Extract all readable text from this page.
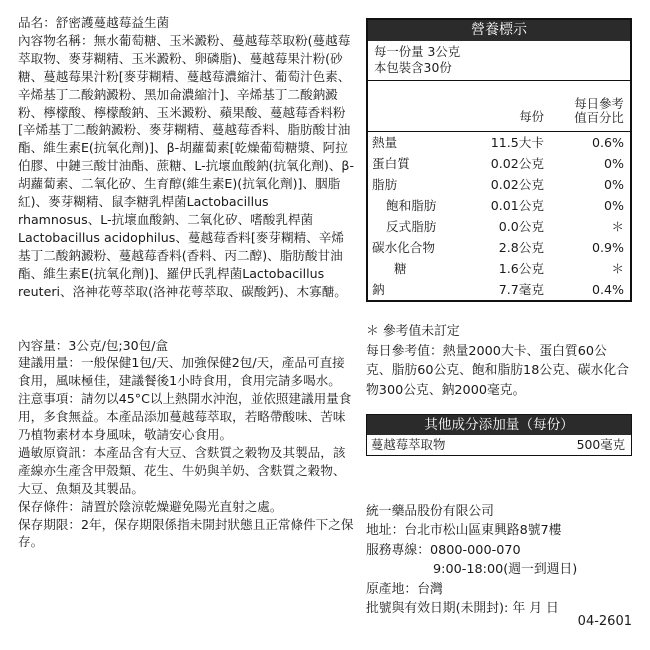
品名：舒密護蔓越莓益生菌
內容物名稱：無水葡萄糖、玉米澱粉、蔓越莓萃取粉(蔓越莓萃取物、麥芽糊精、玉米澱粉、卵磷脂)、蔓越莓果汁粉(砂糖、蔓越莓果汁粉[麥芽糊精、蔓越莓濃縮汁、葡萄汁色素、辛烯基丁二酸鈉澱粉、黑加侖濃縮汁]、辛烯基丁二酸鈉澱粉、檸檬酸、檸檬酸鈉、玉米澱粉、蘋果酸、蔓越莓香料粉[辛烯基丁二酸鈉澱粉、麥芽糊精、蔓越莓香料、脂肪酸甘油酯、維生素E(抗氧化劑)]、β-胡蘿蔔素[乾燥葡萄糖漿、阿拉伯膠、中鏈三酸甘油酯、蔗糖、L-抗壞血酸鈉(抗氧化劑)、β-胡蘿蔔素、二氧化矽、生育醇(維生素E)(抗氧化劑)]、胭脂紅)、麥芽糊精、鼠李糖乳桿菌Lactobacillus rhamnosus、L-抗壞血酸鈉、二氧化矽、嗜酸乳桿菌Lactobacillus acidophilus、蔓越莓香料[麥芽糊精、辛烯基丁二酸鈉澱粉、蔓越莓香料(香料、丙二醇)、脂肪酸甘油酯、維生素E(抗氧化劑)]、羅伊氏乳桿菌Lactobacillus reuteri、洛神花萼萃取(洛神花萼萃取、碳酸鈣)、木寡醣。

內容量：3公克/包;30包/盒
建議用量：一般保健1包/天、加強保健2包/天，產品可直接食用，風味極佳，建議餐後1小時食用，食用完請多喝水。
注意事項：請勿以45°C以上熱開水沖泡，並依照建議用量食用，多食無益。本產品添加蔓越莓萃取，若略帶酸味、苦味乃植物素材本身風味，敬請安心食用。
過敏原資訊：本產品含有大豆、含麩質之穀物及其製品，該產線亦生產含甲殼類、花生、牛奶與羊奶、含麩質之穀物、大豆、魚類及其製品。
保存條件：請置於陰涼乾燥避免陽光直射之處。
保存期限：2年，保存期限係指未開封狀態且正常條件下之保存。

營養標示
每一份量 3公克
本包裝含30份
每份
每日參考值百分比
熱量	11.5大卡	0.6%
蛋白質	0.02公克	0%
脂肪	0.02公克	0%
飽和脂肪	0.01公克	0%
反式脂肪	0.0公克	＊
碳水化合物	2.8公克	0.9%
糖	1.6公克	＊
鈉	7.7毫克	0.4%

＊ 參考值未訂定

每日參考值：熱量2000大卡、蛋白質60公克、脂肪60公克、飽和脂肪18公克、碳水化合物300公克、鈉2000毫克。

其他成分添加量（每份）
蔓越莓萃取物	500毫克

統一藥品股份有限公司

地址：台北市松山區東興路8號7樓

服務專線：0800-000-070

9:00-18:00(週一到週日)

原產地：台灣

批號與有效日期(未開封): 年 月 日

04-2601
